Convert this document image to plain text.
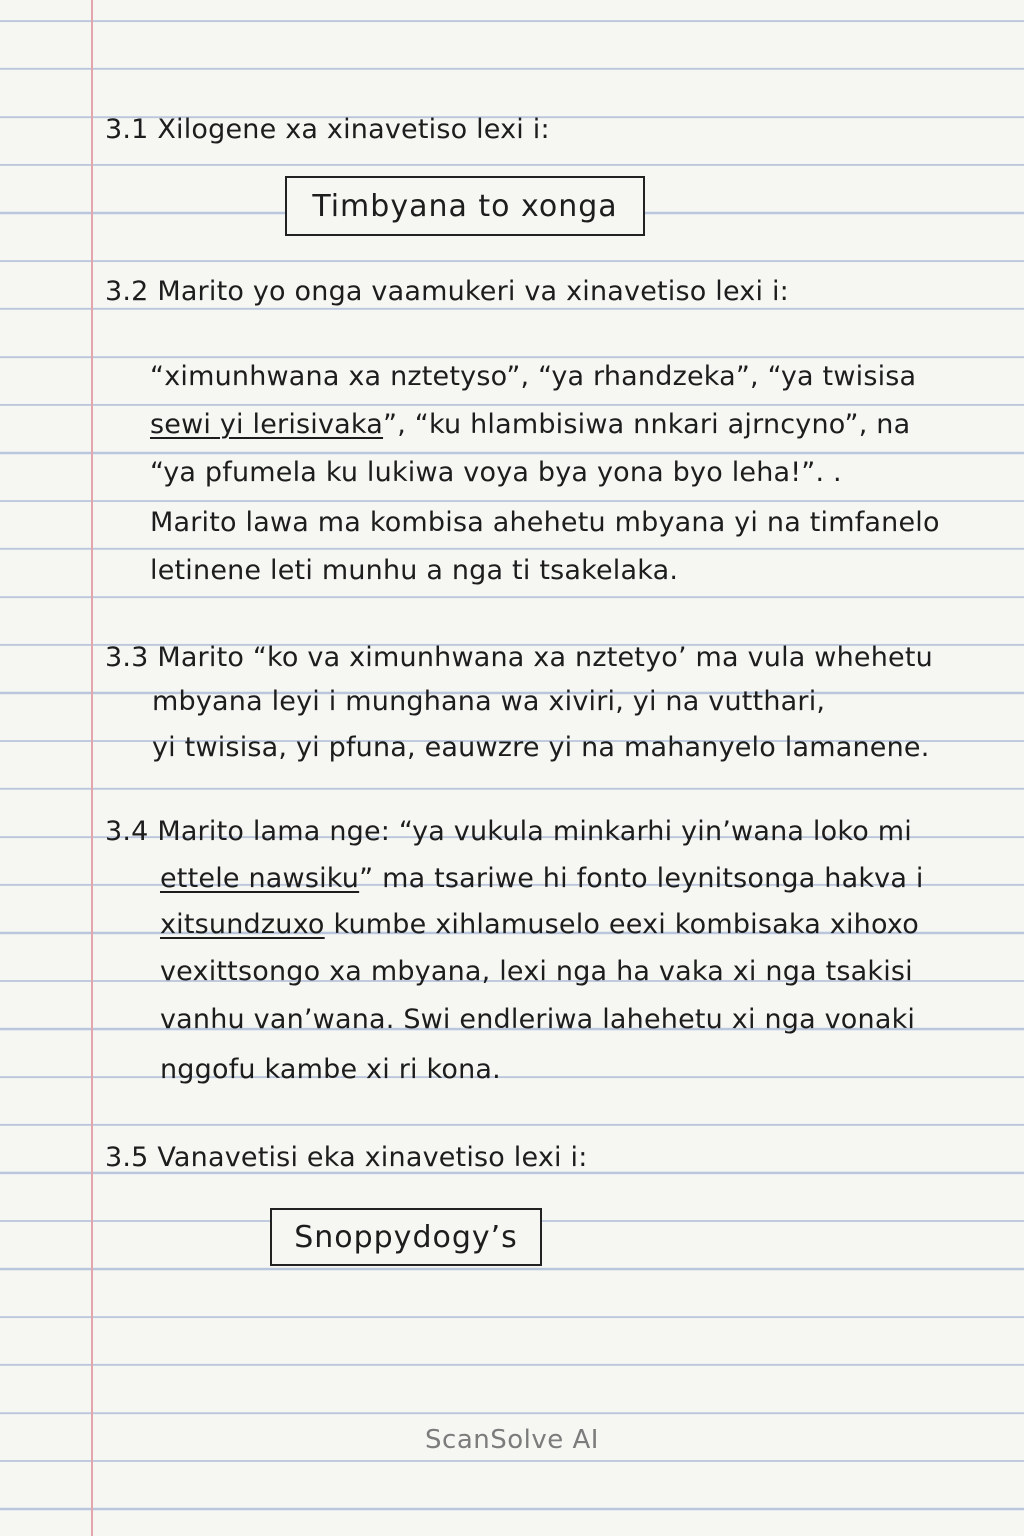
3.1 Xilogene xa xinavetiso lexi i:
Timbyana to xonga
3.2 Marito yo onga vaamukeri va xinavetiso lexi i:
“ximunhwana xa nztetyso”, “ya rhandzeka”, “ya twisisa
sewi yi lerisivaka”, “ku hlambisiwa nnkari ajrncyno”, na
“ya pfumela ku lukiwa voya bya yona byo leha!”. .
Marito lawa ma kombisa ahehetu mbyana yi na timfanelo
letinene leti munhu a nga ti tsakelaka.
3.3 Marito “ko va ximunhwana xa nztetyo’ ma vula whehetu
mbyana leyi i munghana wa xiviri, yi na vutthari,
yi twisisa, yi pfuna, eauwzre yi na mahanyelo lamanene.
3.4 Marito lama nge: “ya vukula minkarhi yin’wana loko mi
ettele nawsiku” ma tsariwe hi fonto leynitsonga hakva i
xitsundzuxo kumbe xihlamuselo eexi kombisaka xihoxo
vexittsongo xa mbyana, lexi nga ha vaka xi nga tsakisi
vanhu van’wana. Swi endleriwa lahehetu xi nga vonaki
nggofu kambe xi ri kona.
3.5 Vanavetisi eka xinavetiso lexi i:
Snoppydogy’s
ScanSolve AI
